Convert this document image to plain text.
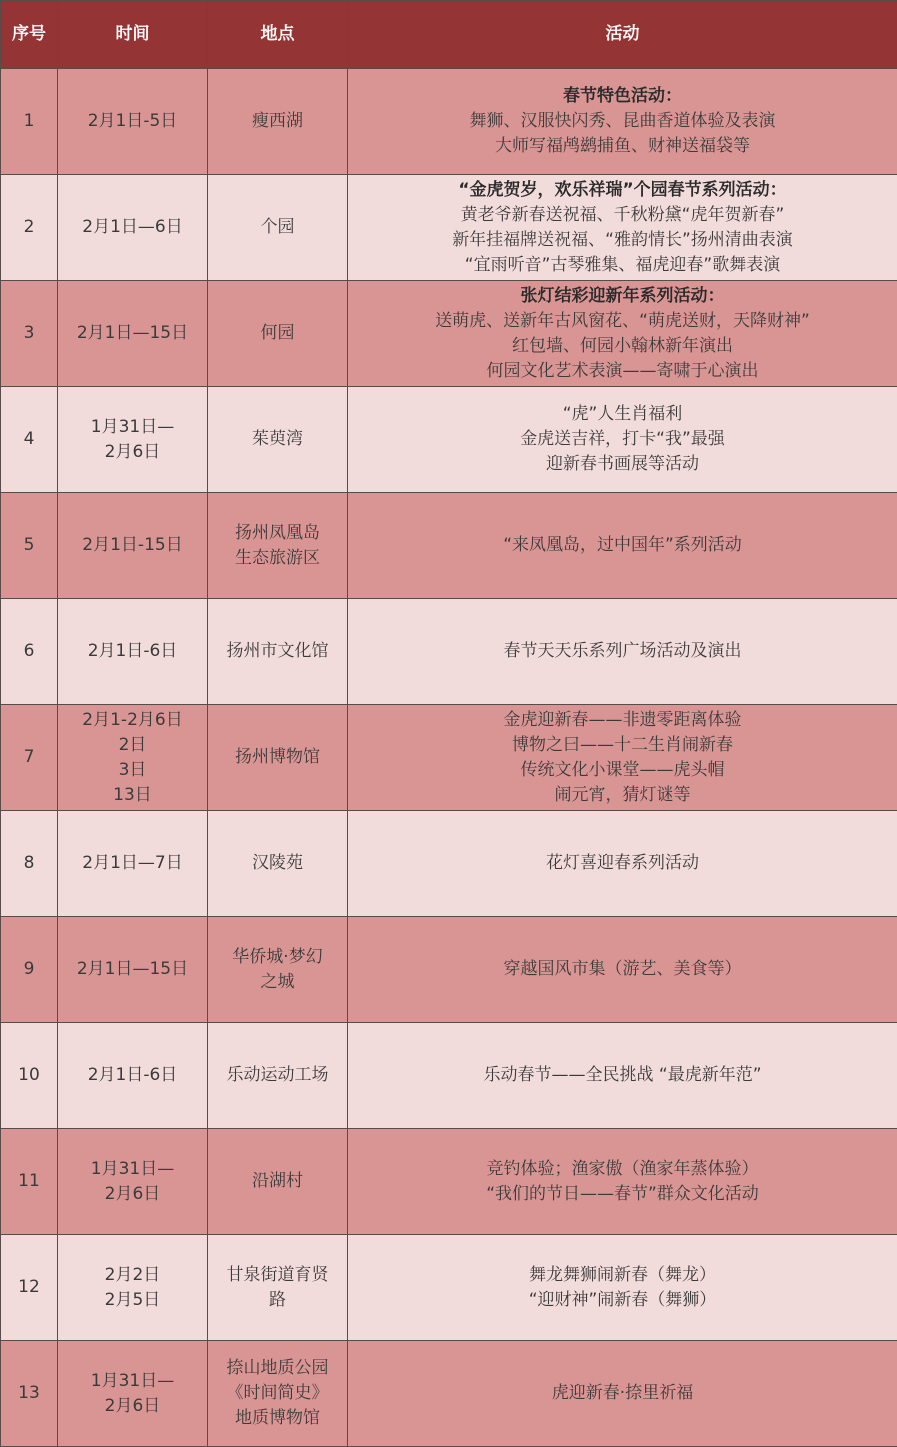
序号	时间	地点	活动
1	2月1日-5日	瘦西湖	春节特色活动：
舞狮、汉服快闪秀、昆曲香道体验及表演
大师写福鸬鹚捕鱼、财神送福袋等

2	2月1日—6日	个园	“金虎贺岁，欢乐祥瑞”个园春节系列活动：
黄老爷新春送祝福、千秋粉黛“虎年贺新春”
新年挂福牌送祝福、“雅韵情长”扬州清曲表演
“宜雨听音”古琴雅集、福虎迎春”歌舞表演

3	2月1日—15日	何园	张灯结彩迎新年系列活动：
送萌虎、送新年古风窗花、“萌虎送财，天降财神”
红包墙、何园小翰林新年演出
何园文化艺术表演——寄啸于心演出

4	1月31日—
2月6日	茱萸湾	“虎”人生肖福利
金虎送吉祥，打卡“我”最强
迎新春书画展等活动

5	2月1日-15日	扬州凤凰岛
生态旅游区	“来凤凰岛，过中国年”系列活动

6	2月1日-6日	扬州市文化馆	春节天天乐系列广场活动及演出

7	2月1-2月6日
2日
3日
13日	扬州博物馆	金虎迎新春——非遗零距离体验
博物之曰——十二生肖闹新春
传统文化小课堂——虎头帽
闹元宵，猜灯谜等

8	2月1日—7日	汉陵苑	花灯喜迎春系列活动

9	2月1日—15日	华侨城·梦幻
之城	穿越国风市集（游艺、美食等）

10	2月1日-6日	乐动运动工场	乐动春节——全民挑战 “最虎新年范”

11	1月31日—
2月6日	沿湖村	竞钓体验；渔家傲（渔家年蒸体验）
“我们的节日——春节”群众文化活动

12	2月2日
2月5日	甘泉街道育贤
路	舞龙舞狮闹新春（舞龙）
“迎财神”闹新春（舞狮）

13	1月31日—
2月6日	捺山地质公园
《时间简史》
地质博物馆	虎迎新春·捺里祈福
